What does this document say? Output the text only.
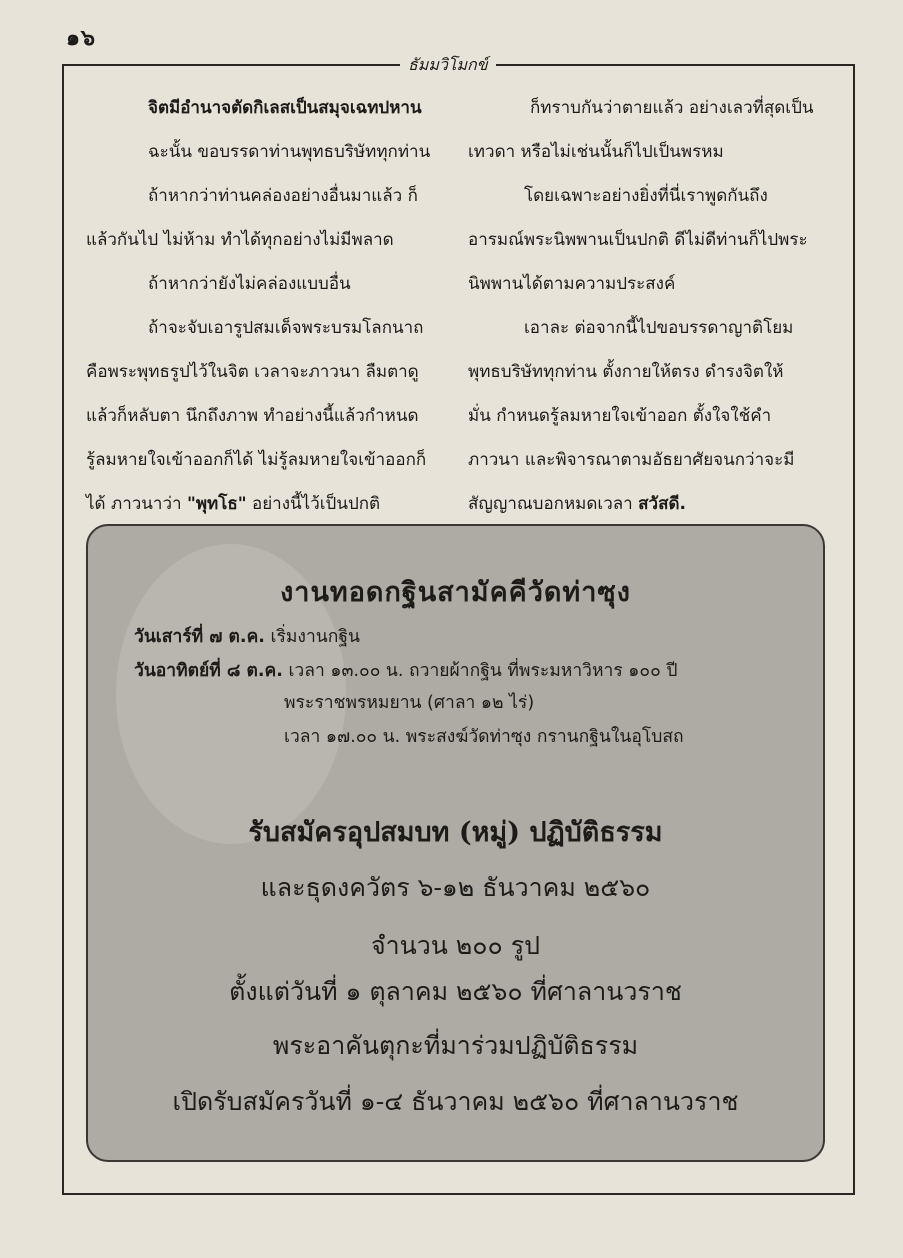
๑๖
ธัมมวิโมกข์

จิตมีอำนาจตัดกิเลสเป็นสมุจเฉทปหาน

ฉะนั้น ขอบรรดาท่านพุทธบริษัททุกท่าน

ถ้าหากว่าท่านคล่องอย่างอื่นมาแล้ว ก็

แล้วกันไป ไม่ห้าม ทำได้ทุกอย่างไม่มีพลาด

ถ้าหากว่ายังไม่คล่องแบบอื่น

ถ้าจะจับเอารูปสมเด็จพระบรมโลกนาถ

คือพระพุทธรูปไว้ในจิต เวลาจะภาวนา ลืมตาดู

แล้วก็หลับตา นึกถึงภาพ ทำอย่างนี้แล้วกำหนด

รู้ลมหายใจเข้าออกก็ได้ ไม่รู้ลมหายใจเข้าออกก็

ได้ ภาวนาว่า "พุทโธ" อย่างนี้ไว้เป็นปกติ

ก็ทราบกันว่าตายแล้ว อย่างเลวที่สุดเป็น

เทวดา หรือไม่เช่นนั้นก็ไปเป็นพรหม

โดยเฉพาะอย่างยิ่งที่นี่เราพูดกันถึง

อารมณ์พระนิพพานเป็นปกติ ดีไม่ดีท่านก็ไปพระ

นิพพานได้ตามความประสงค์

เอาละ ต่อจากนี้ไปขอบรรดาญาติโยม

พุทธบริษัททุกท่าน ตั้งกายให้ตรง ดำรงจิตให้

มั่น กำหนดรู้ลมหายใจเข้าออก ตั้งใจใช้คำ

ภาวนา และพิจารณาตามอัธยาศัยจนกว่าจะมี

สัญญาณบอกหมดเวลา สวัสดี.

งานทอดกฐินสามัคคีวัดท่าซุง
วันเสาร์ที่ ๗ ต.ค. เริ่มงานกฐิน
วันอาทิตย์ที่ ๘ ต.ค. เวลา ๑๓.๐๐ น. ถวายผ้ากฐิน ที่พระมหาวิหาร ๑๐๐ ปี
พระราชพรหมยาน (ศาลา ๑๒ ไร่)
เวลา ๑๗.๐๐ น. พระสงฆ์วัดท่าซุง กรานกฐินในอุโบสถ
รับสมัครอุปสมบท (หมู่) ปฏิบัติธรรม
และธุดงควัตร ๖-๑๒ ธันวาคม ๒๕๖๐
จำนวน ๒๐๐ รูป
ตั้งแต่วันที่ ๑ ตุลาคม ๒๕๖๐ ที่ศาลานวราช
พระอาคันตุกะที่มาร่วมปฏิบัติธรรม
เปิดรับสมัครวันที่ ๑-๔ ธันวาคม ๒๕๖๐ ที่ศาลานวราช
